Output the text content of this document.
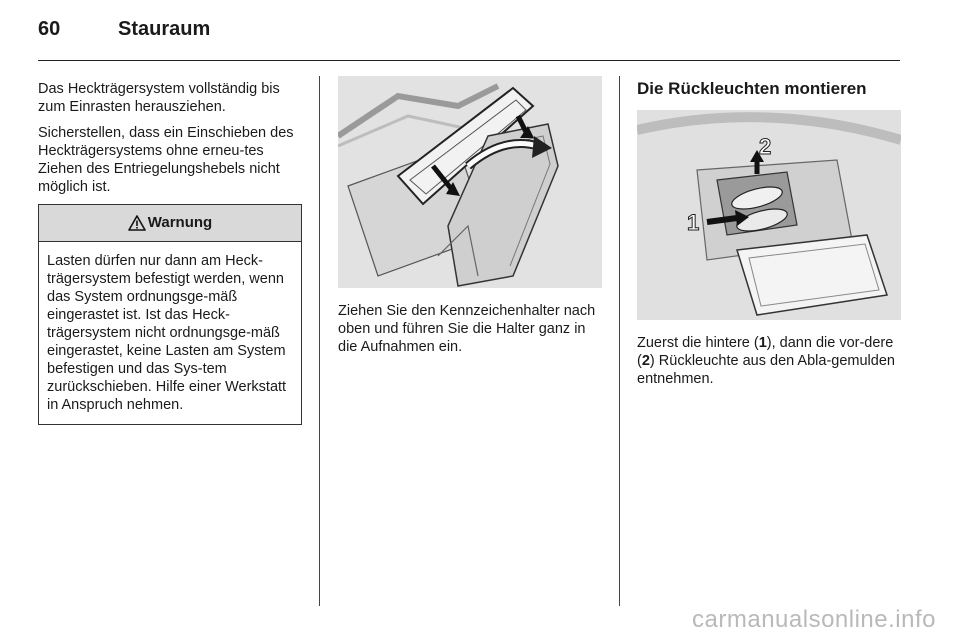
60	Stauraum

Das Heckträgersystem vollständig bis zum Einrasten herausziehen.

Sicherstellen, dass ein Einschieben des Heckträgersystems ohne erneu-tes Ziehen des Entriegelungshebels nicht möglich ist.

Warnung
Lasten dürfen nur dann am Heck-trägersystem befestigt werden, wenn das System ordnungsge-mäß eingerastet ist. Ist das Heck-trägersystem nicht ordnungsge-mäß eingerastet, keine Lasten am System befestigen und das Sys-tem zurückschieben. Hilfe einer Werkstatt in Anspruch nehmen.

Ziehen Sie den Kennzeichenhalter nach oben und führen Sie die Halter ganz in die Aufnahmen ein.

Die Rückleuchten montieren
1
2

Zuerst die hintere (1), dann die vor-dere (2) Rückleuchte aus den Abla-gemulden entnehmen.

carmanualsonline.info
